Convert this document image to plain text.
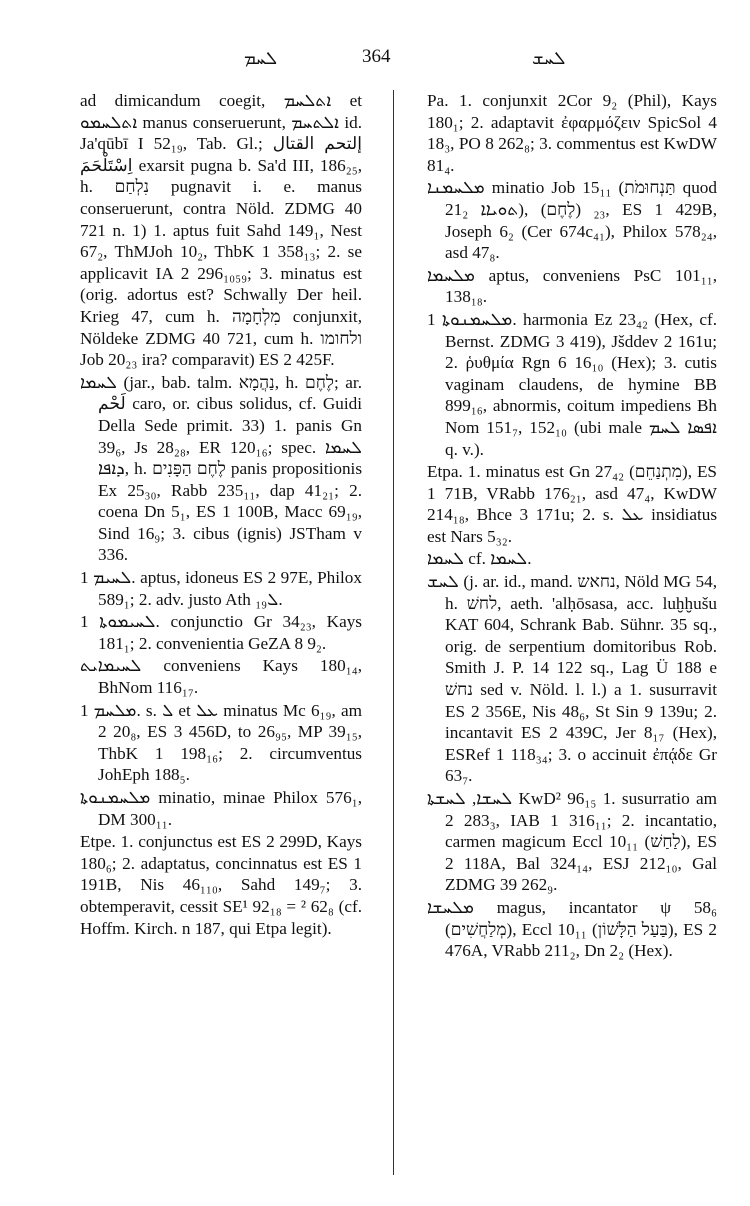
ܠܚܡ	364	ܠܚܫ

ad dimicandum coegit, ܐܬܠܚܡ et ܐܬܠܚܡܘ manus conseruerunt, ܐܠܬܚܡ id. Ja'qūbī I 52₁₉, Tab. Gl.; إلتحم القتال اِسْتَلْحَمَ exarsit pugna b. Sa'd III, 186₂₅, h. נִלְחַם pugnavit i. e. manus conseruerunt, contra Nöld. ZDMG 40 721 n. 1) 1. aptus fuit Sahd 149₁, Nest 67₂, ThMJoh 10₂, ThbK 1 358₁₃; 2. se applicavit IA 2 296₁₀₅₉; 3. minatus est (orig. adortus est? Schwally Der heil. Krieg 47, cum h. מִלְחָמָה conjunxit, Nöldeke ZDMG 40 721, cum h. ולחומו Job 20₂₃ ira? comparavit) ES 2 425F.

ܠܚܡܐ (jar., bab. talm. נַהֲמָא, h. לֶחֶם; ar. لَحْم caro, or. cibus solidus, cf. Guidi Della Sede primit. 33) 1. panis Gn 39₆, Js 28₂₈, ER 120₁₆; spec. ܠܚܡܐ ܕܐܦܐ, h. לֶחֶם הַפָּנִים panis propositionis Ex 25₃₀, Rabb 235₁₁, dap 41₂₁; 2. coena Dn 5₁, ES 1 100B, Macc 69₁₉, Sind 16₉; 3. cibus (ignis) JSTham v 336.

ܠܚܝܡ 1. aptus, idoneus ES 2 97E, Philox 589₁; 2. adv. justo Ath ܠ₁₉.

ܠܚܝܡܘܬܐ 1. conjunctio Gr 34₂₃, Kays 181₁; 2. convenientia GeZA 8 9₂.

ܠܚܝܡܐܝܬ conveniens Kays 180₁₄, BhNom 116₁₇.

ܡܠܚܡ 1. s. ܠ et ܥܠ minatus Mc 6₁₉, am 2 20₈, ES 3 456D, to 26₉₅, MP 39₁₅, ThbK 1 198₁₆; 2. circumventus JohEph 188₅.

ܡܠܚܡܢܘܬܐ minatio, minae Philox 576₁, DM 300₁₁.

Etpe. 1. conjunctus est ES 2 299D, Kays 180₆; 2. adaptatus, concinnatus est ES 1 191B, Nis 46₁₁₀, Sahd 149₇; 3. obtemperavit, cessit SE¹ 92₁₈ = ² 62₈ (cf. Hoffm. Kirch. n 187, qui Etpa legit).

Pa. 1. conjunxit 2Cor 9₂ (Phil), Kays 180₁; 2. adaptavit ἐφαρμόζειν SpicSol 4 18₃, PO 8 262₈; 3. commentus est KwDW 81₄.

ܡܠܚܡܢܐ minatio Job 15₁₁ (תַּנְחוּמֹת quod 21₂ ܬܘܝܐܐ), ₂₃ (לֶחֶם), ES 1 429B, Joseph 6₂ (Cer 674c₄₁), Philox 578₂₄, asd 47₈.

ܡܠܚܡܐ aptus, conveniens PsC 101₁₁, 138₁₈.

ܡܠܚܡܢܘܬܐ 1. harmonia Ez 23₄₂ (Hex, cf. Bernst. ZDMG 3 419), Jšddev 2 161u; 2. ῥυθμία Rgn 6 16₁₀ (Hex); 3. cutis vaginam claudens, de hymine BB 899₁₆, abnormis, coitum impediens Bh Nom 151₇, 152₁₀ (ubi male ܐܦܣܐ ܠܚܡ q. v.).

Etpa. 1. minatus est Gn 27₄₂ (מִתְנַחֵם), ES 1 71B, VRabb 176₂₁, asd 47₄, KwDW 214₁₈, Bhce 3 171u; 2. s. ܥܠ insidiatus est Nars 5₃₂.

ܠܚܡܐ cf. ܠܚܡܐ.

ܠܚܫ (j. ar. id., mand. נחאש, Nöld MG 54, h. לחשׁ, aeth. 'alḥōsasa, acc. luḫḫušu KAT 604, Schrank Bab. Sühnr. 35 sq., orig. de serpentium domitoribus Rob. Smith J. P. 14 122 sq., Lag Ü 188 e נחשׁ sed v. Nöld. l. l.) a 1. susurravit ES 2 356E, Nis 48₆, St Sin 9 139u; 2. incantavit ES 2 439C, Jer 8₁₇ (Hex), ESRef 1 118₃₄; 3. o accinuit ἐπᾴδε Gr 63₇.

ܠܚܫܐ, ܠܚܫܬܐ KwD² 96₁₅ 1. susurratio am 2 283₃, IAB 1 316₁₁; 2. incantatio, carmen magicum Eccl 10₁₁ (לַחַשׁ), ES 2 118A, Bal 324₁₄, ESJ 212₁₀, Gal ZDMG 39 262₉.

ܡܠܚܫܐ magus, incantator ψ 58₆ (מְלַחֲשִׁים), Eccl 10₁₁ (בַּעַל הַלָּשׁוֹן), ES 2 476A, VRabb 211₂, Dn 2₂ (Hex).
